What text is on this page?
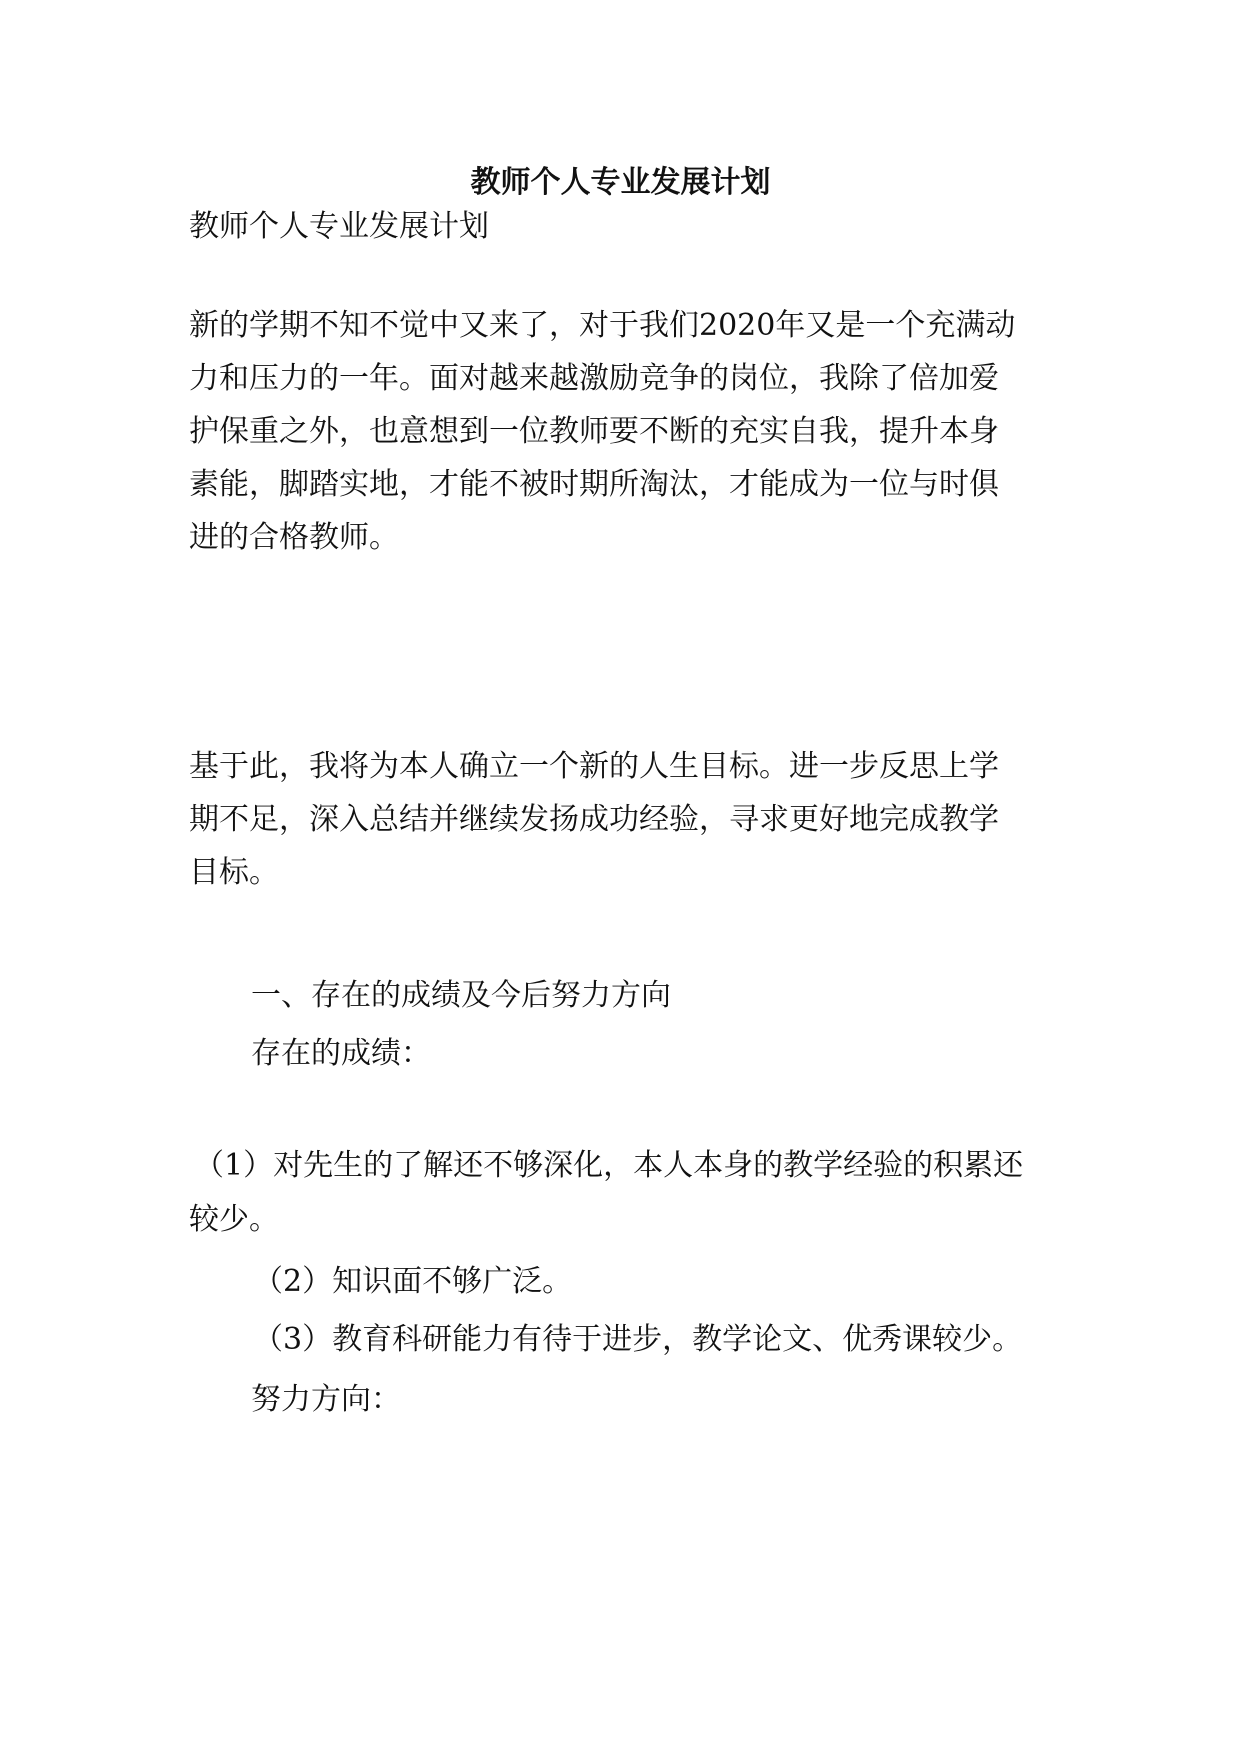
教师个人专业发展计划

教师个人专业发展计划

新的学期不知不觉中又来了，对于我们2020年又是一个充满动

力和压力的一年。面对越来越激励竞争的岗位，我除了倍加爱

护保重之外，也意想到一位教师要不断的充实自我，提升本身

素能，脚踏实地，才能不被时期所淘汰，才能成为一位与时俱

进的合格教师。

基于此，我将为本人确立一个新的人生目标。进一步反思上学

期不足，深入总结并继续发扬成功经验，寻求更好地完成教学

目标。

一、存在的成绩及今后努力方向

存在的成绩：

（1）对先生的了解还不够深化，本人本身的教学经验的积累还

较少。

（2）知识面不够广泛。

（3）教育科研能力有待于进步，教学论文、优秀课较少。

努力方向：
